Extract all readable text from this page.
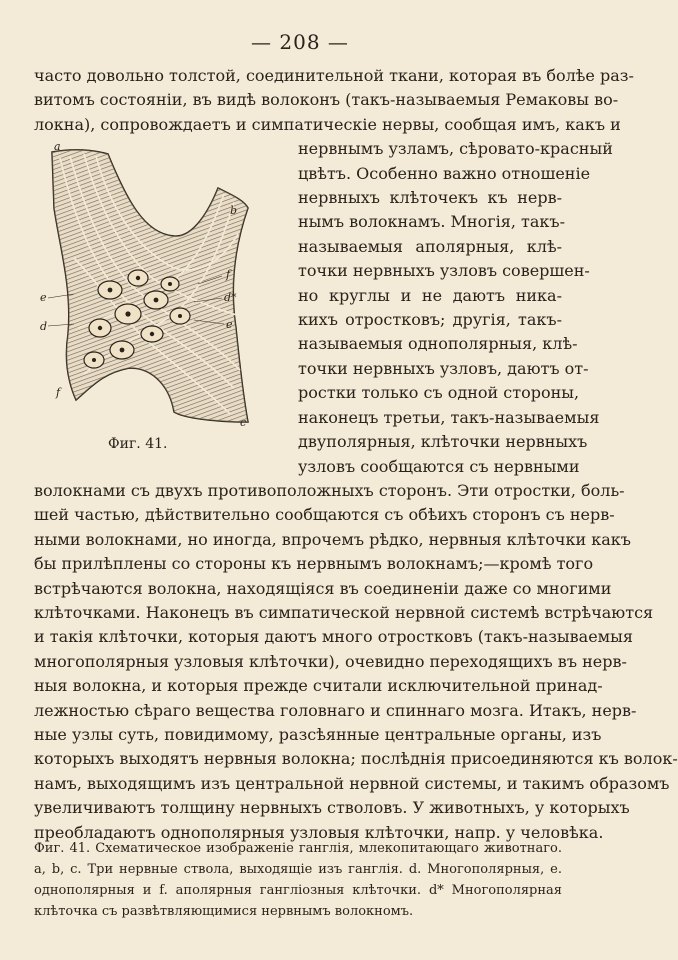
— 208 —
часто довольно толстой, соединительной ткани, которая въ болѣе раз-
витомъ состояніи, въ видѣ волоконъ (такъ-называемыя Ремаковы во-
локна), сопровождаетъ и симпатическіе нервы, сообщая имъ, какъ и
нервнымъ узламъ, сѣровато-красный
цвѣтъ. Особенно важно отношеніе
нервныхъ клѣточекъ къ нерв-
нымъ волокнамъ. Многія, такъ-
называемыя аполярныя, клѣ-
точки нервныхъ узловъ совершен-
но круглы и не даютъ ника-
кихъ отростковъ; другія, такъ-
называемыя однополярныя, клѣ-
точки нервныхъ узловъ, даютъ от-
ростки только съ одной стороны,
наконецъ третьи, такъ-называемыя
двуполярныя, клѣточки нервныхъ
узловъ сообщаются съ нервными
волокнами съ двухъ противоположныхъ сторонъ. Эти отростки, боль-
шей частью, дѣйствительно сообщаются съ обѣихъ сторонъ съ нерв-
ными волокнами, но иногда, впрочемъ рѣдко, нервныя клѣточки какъ
бы прилѣплены со стороны къ нервнымъ волокнамъ;—кромѣ того
встрѣчаются волокна, находящіяся въ соединеніи даже со многими
клѣточками. Наконецъ въ симпатической нервной системѣ встрѣчаются
и такія клѣточки, которыя даютъ много отростковъ (такъ-называемыя
многополярныя узловыя клѣточки), очевидно переходящихъ въ нерв-
ныя волокна, и которыя прежде считали исключительной принад-
лежностью сѣраго вещества головнаго и спиннаго мозга. Итакъ, нерв-
ные узлы суть, повидимому, разсѣянные центральные органы, изъ
которыхъ выходятъ нервныя волокна; послѣднія присоединяются къ волок-
намъ, выходящимъ изъ центральной нервной системы, и такимъ образомъ
увеличиваютъ толщину нервныхъ стволовъ. У животныхъ, у которыхъ
преобладаютъ однополярныя узловыя клѣточки, напр. у человѣка.
a
b
c
d
d*
e
e
f
f
Фиг. 41.
Фиг. 41. Схематическое изображеніе ганглія, млекопитающаго животнаго.
a, b, c. Три нервные ствола, выходящіе изъ ганглія. d. Многополярныя, e.
однополярныя и f. аполярныя ганглiозныя клѣточки. d* Многополярная
клѣточка съ развѣтвляющимися нервнымъ волокномъ.
